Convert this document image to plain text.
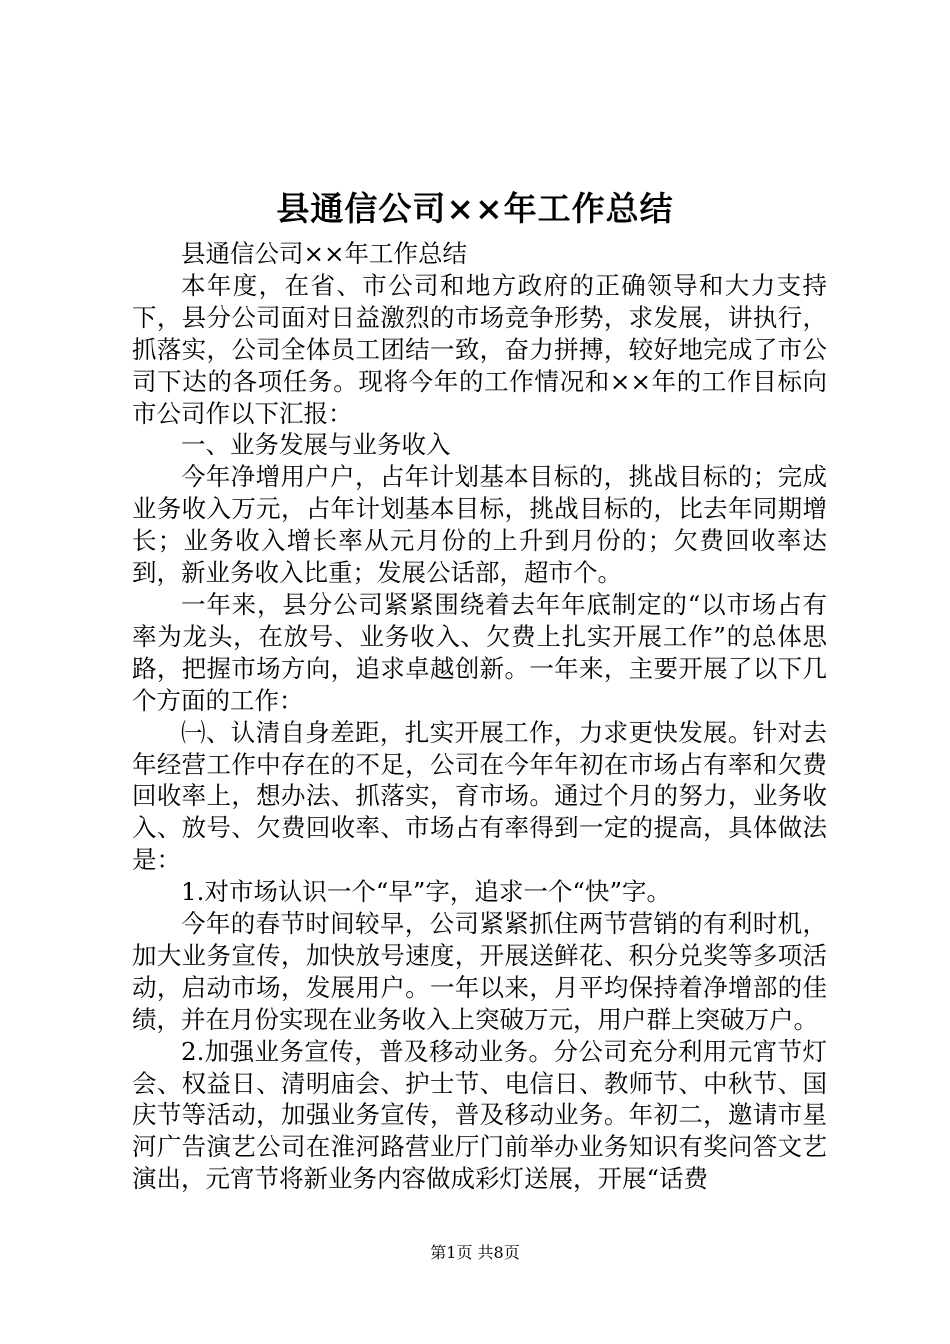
县通信公司××年工作总结

县通信公司××年工作总结

本年度，在省、市公司和地方政府的正确领导和大力支持下，县分公司面对日益激烈的市场竞争形势，求发展，讲执行，抓落实，公司全体员工团结一致，奋力拼搏，较好地完成了市公司下达的各项任务。现将今年的工作情况和××年的工作目标向市公司作以下汇报：

一、业务发展与业务收入

今年净增用户户，占年计划基本目标的，挑战目标的；完成业务收入万元，占年计划基本目标，挑战目标的，比去年同期增长；业务收入增长率从元月份的上升到月份的；欠费回收率达到，新业务收入比重；发展公话部，超市个。

一年来，县分公司紧紧围绕着去年年底制定的“以市场占有率为龙头，在放号、业务收入、欠费上扎实开展工作”的总体思路，把握市场方向，追求卓越创新。一年来，主要开展了以下几个方面的工作：

㈠、认清自身差距，扎实开展工作，力求更快发展。针对去年经营工作中存在的不足，公司在今年年初在市场占有率和欠费回收率上，想办法、抓落实，育市场。通过个月的努力，业务收入、放号、欠费回收率、市场占有率得到一定的提高，具体做法是：

1.对市场认识一个“早”字，追求一个“快”字。

今年的春节时间较早，公司紧紧抓住两节营销的有利时机，加大业务宣传，加快放号速度，开展送鲜花、积分兑奖等多项活动，启动市场，发展用户。一年以来，月平均保持着净增部的佳绩，并在月份实现在业务收入上突破万元，用户群上突破万户。

2.加强业务宣传，普及移动业务。分公司充分利用元宵节灯会、权益日、清明庙会、护士节、电信日、教师节、中秋节、国庆节等活动，加强业务宣传，普及移动业务。年初二，邀请市星河广告演艺公司在淮河路营业厅门前举办业务知识有奖问答文艺演出，元宵节将新业务内容做成彩灯送展，开展“话费

第1页 共8页
